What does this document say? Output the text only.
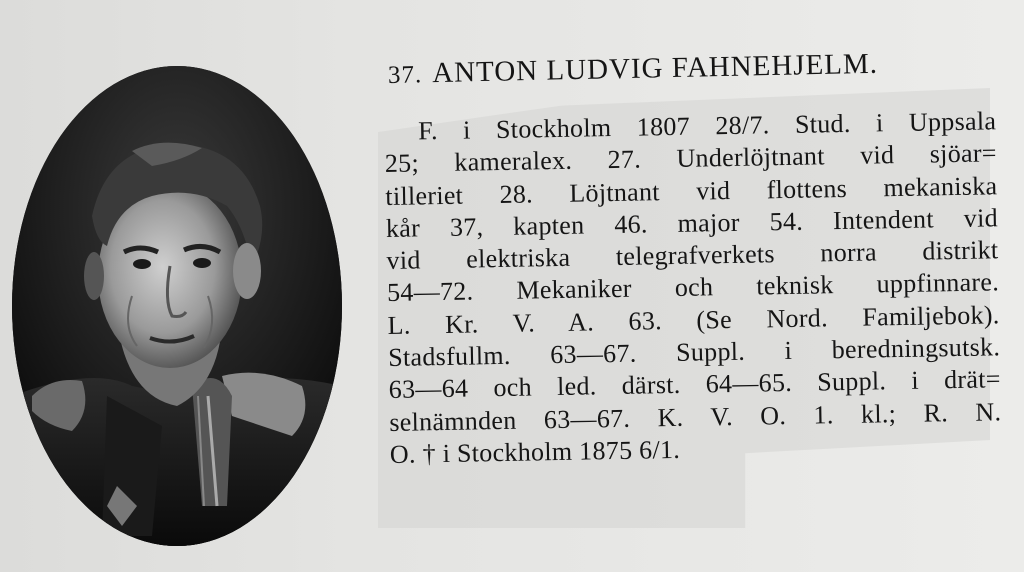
37. ANTON LUDVIG FAHNEHJELM.
F. i Stockholm 1807 28/7. Stud. i Uppsala
25; kameralex. 27. Underlöjtnant vid sjöar=
tilleriet 28. Löjtnant vid flottens mekaniska
kår 37, kapten 46. major 54. Intendent vid
vid elektriska telegrafverkets norra distrikt
54—72. Mekaniker och teknisk uppfinnare.
L. Kr. V. A. 63. (Se Nord. Familjebok).
Stadsfullm. 63—67. Suppl. i beredningsutsk.
63—64 och led. därst. 64—65. Suppl. i drät=
selnämnden 63—67. K. V. O. 1. kl.; R. N.
O. † i Stockholm 1875 6/1.
